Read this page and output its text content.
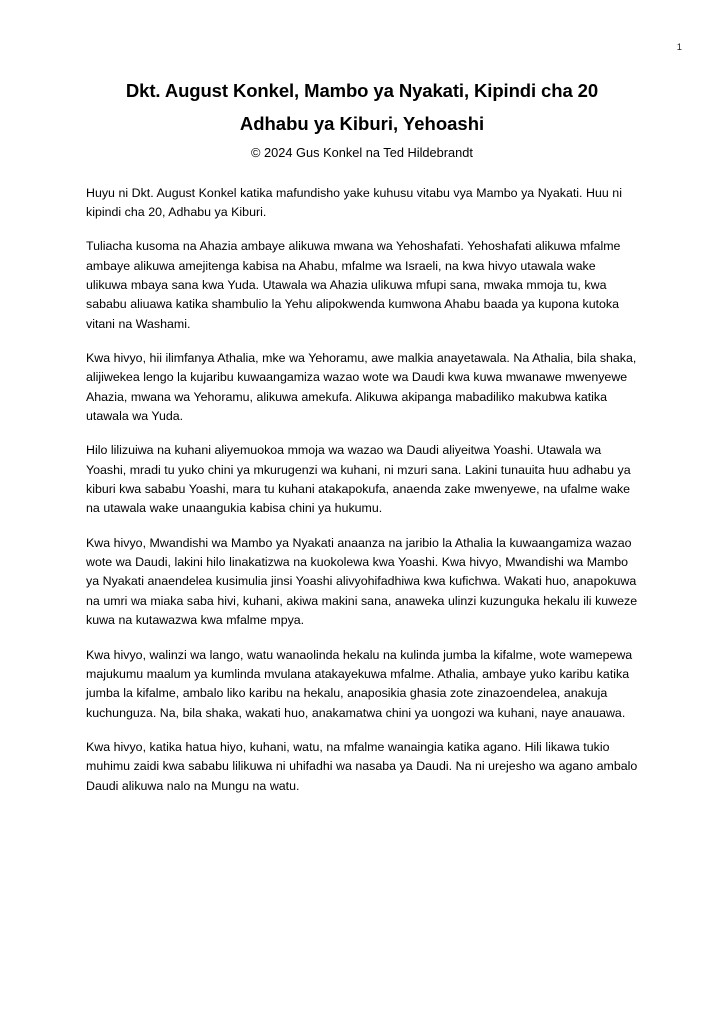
1
Dkt. August Konkel, Mambo ya Nyakati, Kipindi cha 20
Adhabu ya Kiburi, Yehoashi
© 2024 Gus Konkel na Ted Hildebrandt

Huyu ni Dkt. August Konkel katika mafundisho yake kuhusu vitabu vya Mambo ya Nyakati. Huu ni kipindi cha 20, Adhabu ya Kiburi.

Tuliacha kusoma na Ahazia ambaye alikuwa mwana wa Yehoshafati. Yehoshafati alikuwa mfalme ambaye alikuwa amejitenga kabisa na Ahabu, mfalme wa Israeli, na kwa hivyo utawala wake ulikuwa mbaya sana kwa Yuda. Utawala wa Ahazia ulikuwa mfupi sana, mwaka mmoja tu, kwa sababu aliuawa katika shambulio la Yehu alipokwenda kumwona Ahabu baada ya kupona kutoka vitani na Washami.

Kwa hivyo, hii ilimfanya Athalia, mke wa Yehoramu, awe malkia anayetawala. Na Athalia, bila shaka, alijiwekea lengo la kujaribu kuwaangamiza wazao wote wa Daudi kwa kuwa mwanawe mwenyewe Ahazia, mwana wa Yehoramu, alikuwa amekufa. Alikuwa akipanga mabadiliko makubwa katika utawala wa Yuda.

Hilo lilizuiwa na kuhani aliyemuokoa mmoja wa wazao wa Daudi aliyeitwa Yoashi. Utawala wa Yoashi, mradi tu yuko chini ya mkurugenzi wa kuhani, ni mzuri sana. Lakini tunauita huu adhabu ya kiburi kwa sababu Yoashi, mara tu kuhani atakapokufa, anaenda zake mwenyewe, na ufalme wake na utawala wake unaangukia kabisa chini ya hukumu.

Kwa hivyo, Mwandishi wa Mambo ya Nyakati anaanza na jaribio la Athalia la kuwaangamiza wazao wote wa Daudi, lakini hilo linakatizwa na kuokolewa kwa Yoashi. Kwa hivyo, Mwandishi wa Mambo ya Nyakati anaendelea kusimulia jinsi Yoashi alivyohifadhiwa kwa kufichwa. Wakati huo, anapokuwa na umri wa miaka saba hivi, kuhani, akiwa makini sana, anaweka ulinzi kuzunguka hekalu ili kuweze kuwa na kutawazwa kwa mfalme mpya.

Kwa hivyo, walinzi wa lango, watu wanaolinda hekalu na kulinda jumba la kifalme, wote wamepewa majukumu maalum ya kumlinda mvulana atakayekuwa mfalme. Athalia, ambaye yuko karibu katika jumba la kifalme, ambalo liko karibu na hekalu, anaposikia ghasia zote zinazoendelea, anakuja kuchunguza. Na, bila shaka, wakati huo, anakamatwa chini ya uongozi wa kuhani, naye anauawa.

Kwa hivyo, katika hatua hiyo, kuhani, watu, na mfalme wanaingia katika agano. Hili likawa tukio muhimu zaidi kwa sababu lilikuwa ni uhifadhi wa nasaba ya Daudi. Na ni urejesho wa agano ambalo Daudi alikuwa nalo na Mungu na watu.
